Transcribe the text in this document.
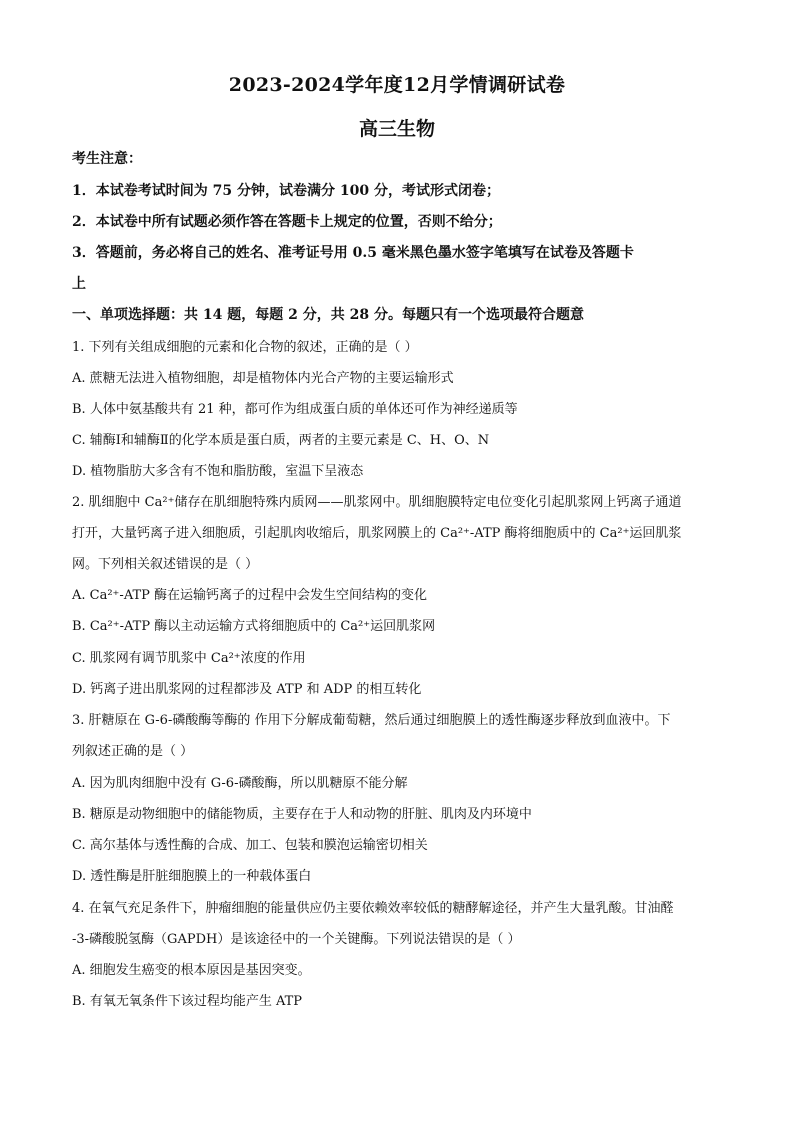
2023-2024学年度12月学情调研试卷
高三生物
考生注意：
1．本试卷考试时间为 75 分钟，试卷满分 100 分，考试形式闭卷；
2．本试卷中所有试题必须作答在答题卡上规定的位置，否则不给分；
3．答题前，务必将自己的姓名、准考证号用 0.5 毫米黑色墨水签字笔填写在试卷及答题卡
上
一、单项选择题：共 14 题，每题 2 分，共 28 分。每题只有一个选项最符合题意
1. 下列有关组成细胞的元素和化合物的叙述，正确的是（ ）
A. 蔗糖无法进入植物细胞，却是植物体内光合产物的主要运输形式
B. 人体中氨基酸共有 21 种，都可作为组成蛋白质的单体还可作为神经递质等
C. 辅酶Ⅰ和辅酶Ⅱ的化学本质是蛋白质，两者的主要元素是 C、H、O、N
D. 植物脂肪大多含有不饱和脂肪酸，室温下呈液态
2. 肌细胞中 Ca²⁺储存在肌细胞特殊内质网——肌浆网中。肌细胞膜特定电位变化引起肌浆网上钙离子通道
打开，大量钙离子进入细胞质，引起肌肉收缩后，肌浆网膜上的 Ca²⁺-ATP 酶将细胞质中的 Ca²⁺运回肌浆
网。下列相关叙述错误的是（ ）
A. Ca²⁺-ATP 酶在运输钙离子的过程中会发生空间结构的变化
B. Ca²⁺-ATP 酶以主动运输方式将细胞质中的 Ca²⁺运回肌浆网
C. 肌浆网有调节肌浆中 Ca²⁺浓度的作用
D. 钙离子进出肌浆网的过程都涉及 ATP 和 ADP 的相互转化
3. 肝糖原在 G-6-磷酸酶等酶的 作用下分解成葡萄糖，然后通过细胞膜上的透性酶逐步释放到血液中。下
列叙述正确的是（ ）
A. 因为肌肉细胞中没有 G-6-磷酸酶，所以肌糖原不能分解
B. 糖原是动物细胞中的储能物质，主要存在于人和动物的肝脏、肌肉及内环境中
C. 高尔基体与透性酶的合成、加工、包装和膜泡运输密切相关
D. 透性酶是肝脏细胞膜上的一种载体蛋白
4. 在氧气充足条件下，肿瘤细胞的能量供应仍主要依赖效率较低的糖酵解途径，并产生大量乳酸。甘油醛
-3-磷酸脱氢酶（GAPDH）是该途径中的一个关键酶。下列说法错误的是（ ）
A. 细胞发生癌变的根本原因是基因突变。
B. 有氧无氧条件下该过程均能产生 ATP
